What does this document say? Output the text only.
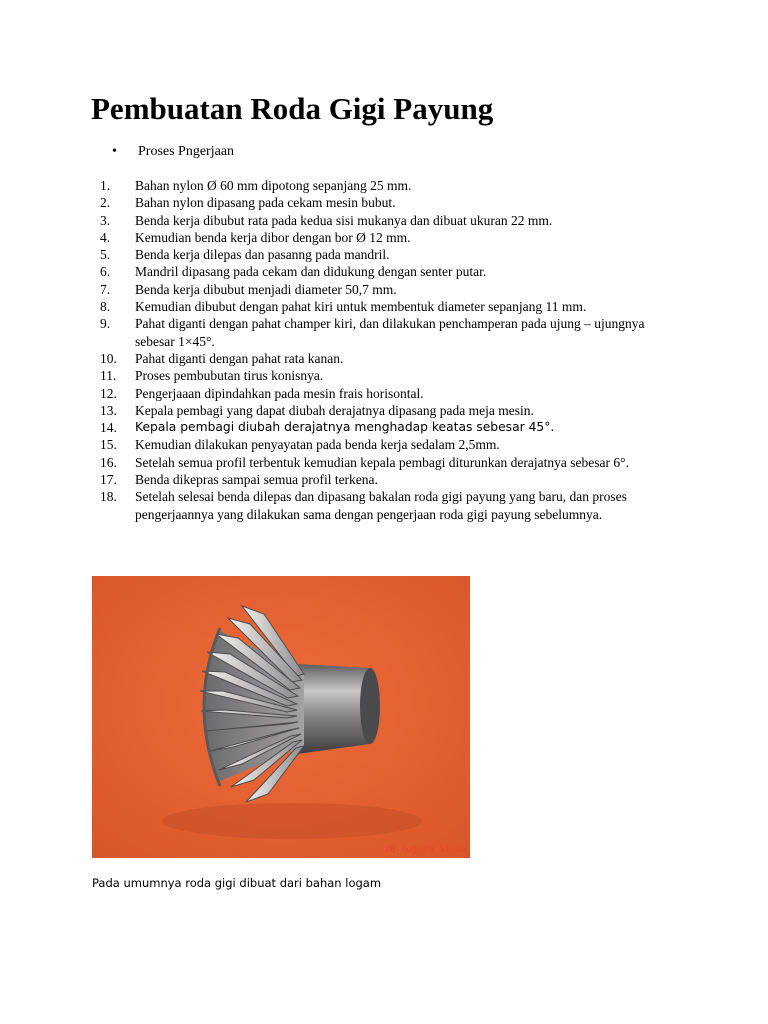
Pembuatan Roda Gigi Payung
• Proses Pngerjaan
1.	Bahan nylon Ø 60 mm dipotong sepanjang 25 mm.
2.	Bahan nylon dipasang pada cekam mesin bubut.
3.	Benda kerja dibubut rata pada kedua sisi mukanya dan dibuat ukuran 22 mm.
4.	Kemudian benda kerja dibor dengan bor Ø 12 mm.
5.	Benda kerja dilepas dan pasanng pada mandril.
6.	Mandril dipasang pada cekam dan didukung dengan senter putar.
7.	Benda kerja dibubut menjadi diameter 50,7 mm.
8.	Kemudian dibubut dengan pahat kiri untuk membentuk diameter sepanjang 11 mm.
9.	Pahat diganti dengan pahat champer kiri, dan dilakukan penchamperan pada ujung – ujungnya sebesar 1×45°.
10.	Pahat diganti dengan pahat rata kanan.
11.	Proses pembubutan tirus konisnya.
12.	Pengerjaaan dipindahkan pada mesin frais horisontal.
13.	Kepala pembagi yang dapat diubah derajatnya dipasang pada meja mesin.
14.	Kepala pembagi diubah derajatnya menghadap keatas sebesar 45°.
15.	Kemudian dilakukan penyayatan pada benda kerja sedalam 2,5mm.
16.	Setelah semua profil terbentuk kemudian kepala pembagi diturunkan derajatnya sebesar 6°.
17.	Benda dikepras sampai semua profil terkena.
18.	Setelah selesai benda dilepas dan dipasang bakalan roda gigi payung yang baru, dan proses pengerjaannya yang dilakukan sama dengan pengerjaan roda gigi payung sebelumnya.
26-Aug-09 11:18
Pada umumnya roda gigi dibuat dari bahan logam
